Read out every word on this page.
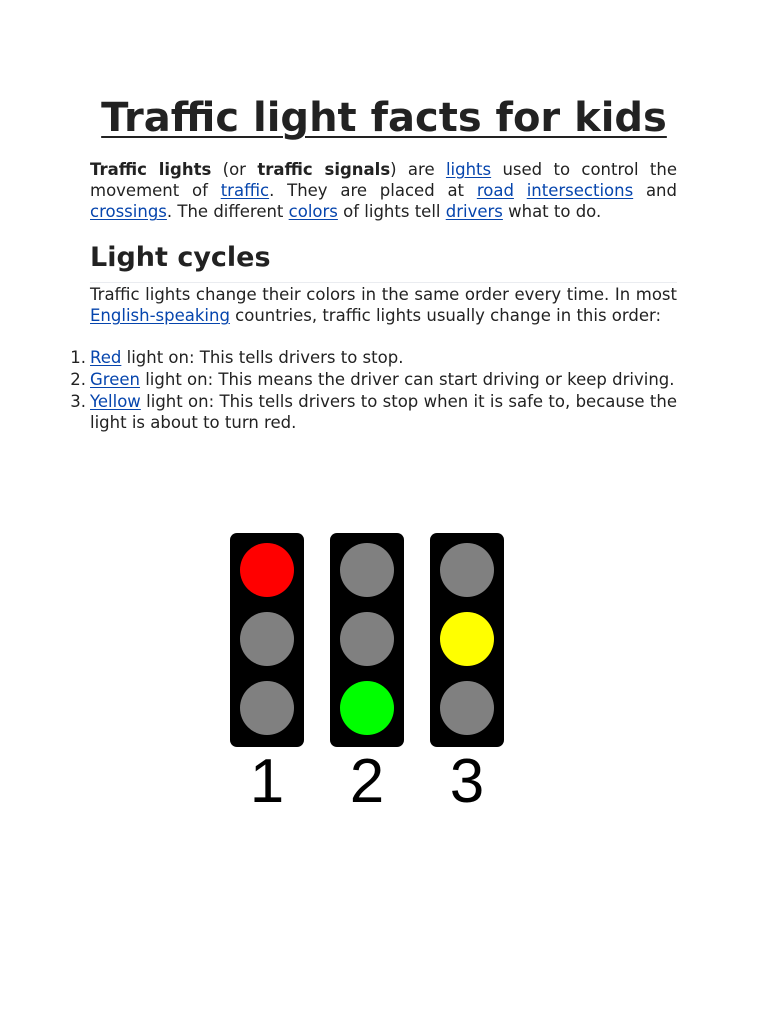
Traffic light facts for kids

Traffic lights (or traffic signals) are lights used to control the movement of traffic. They are placed at road intersections and crossings. The different colors of lights tell drivers what to do.

Light cycles

Traffic lights change their colors in the same order every time. In most English-speaking countries, traffic lights usually change in this order:

1. Red light on: This tells drivers to stop.
2. Green light on: This means the driver can start driving or keep driving.
3. Yellow light on: This tells drivers to stop when it is safe to, because the light is about to turn red.
1	2	3
